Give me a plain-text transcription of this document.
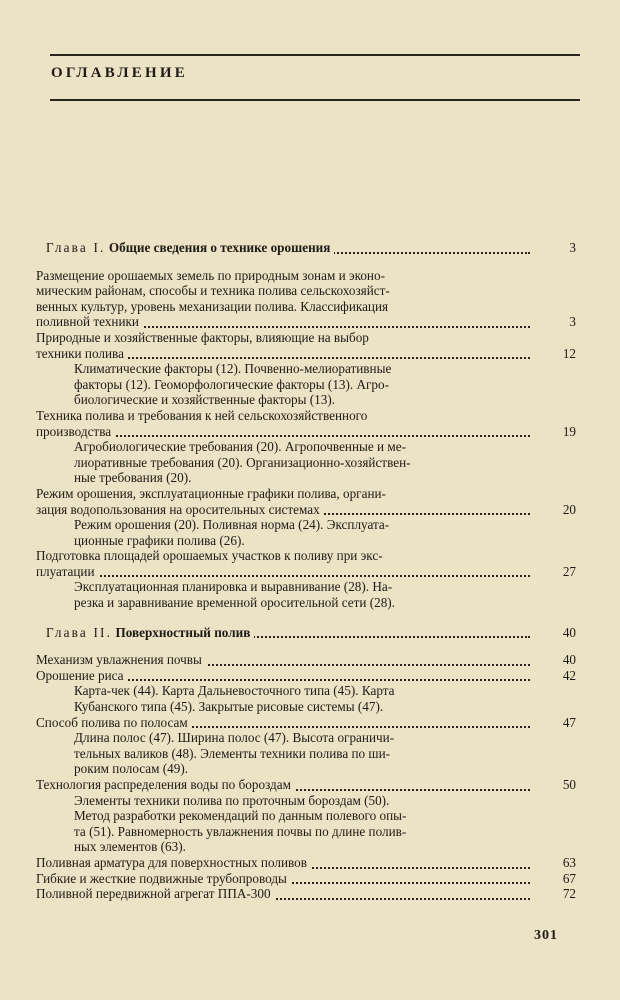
ОГЛАВЛЕНИЕ
Глава I. Общие сведения о технике орошения	3
Размещение орошаемых земель по природным зонам и эконо-
мическим районам, способы и техника полива сельскохозяйст-
венных культур, уровень механизации полива. Классификация
поливной техники	3
Природные и хозяйственные факторы, влияющие на выбор
техники полива	12
Климатические факторы (12). Почвенно-мелиоративные
факторы (12). Геоморфологические факторы (13). Агро-
биологические и хозяйственные факторы (13).
Техника полива и требования к ней сельскохозяйственного
производства	19
Агробиологические требования (20). Агропочвенные и ме-
лиоративные требования (20). Организационно-хозяйствен-
ные требования (20).
Режим орошения, эксплуатационные графики полива, органи-
зация водопользования на оросительных системах	20
Режим орошения (20). Поливная норма (24). Эксплуата-
ционные графики полива (26).
Подготовка площадей орошаемых участков к поливу при экс-
плуатации	27
Эксплуатационная планировка и выравнивание (28). На-
резка и заравнивание временной оросительной сети (28).
Глава II. Поверхностный полив	40
Механизм увлажнения почвы	40
Орошение риса	42
Карта-чек (44). Карта Дальневосточного типа (45). Карта
Кубанского типа (45). Закрытые рисовые системы (47).
Способ полива по полосам	47
Длина полос (47). Ширина полос (47). Высота ограничи-
тельных валиков (48). Элементы техники полива по ши-
роким полосам (49).
Технология распределения воды по бороздам	50
Элементы техники полива по проточным бороздам (50).
Метод разработки рекомендаций по данным полевого опы-
та (51). Равномерность увлажнения почвы по длине полив-
ных элементов (63).
Поливная арматура для поверхностных поливов	63
Гибкие и жесткие подвижные трубопроводы	67
Поливной передвижной агрегат ППА-300	72
301
